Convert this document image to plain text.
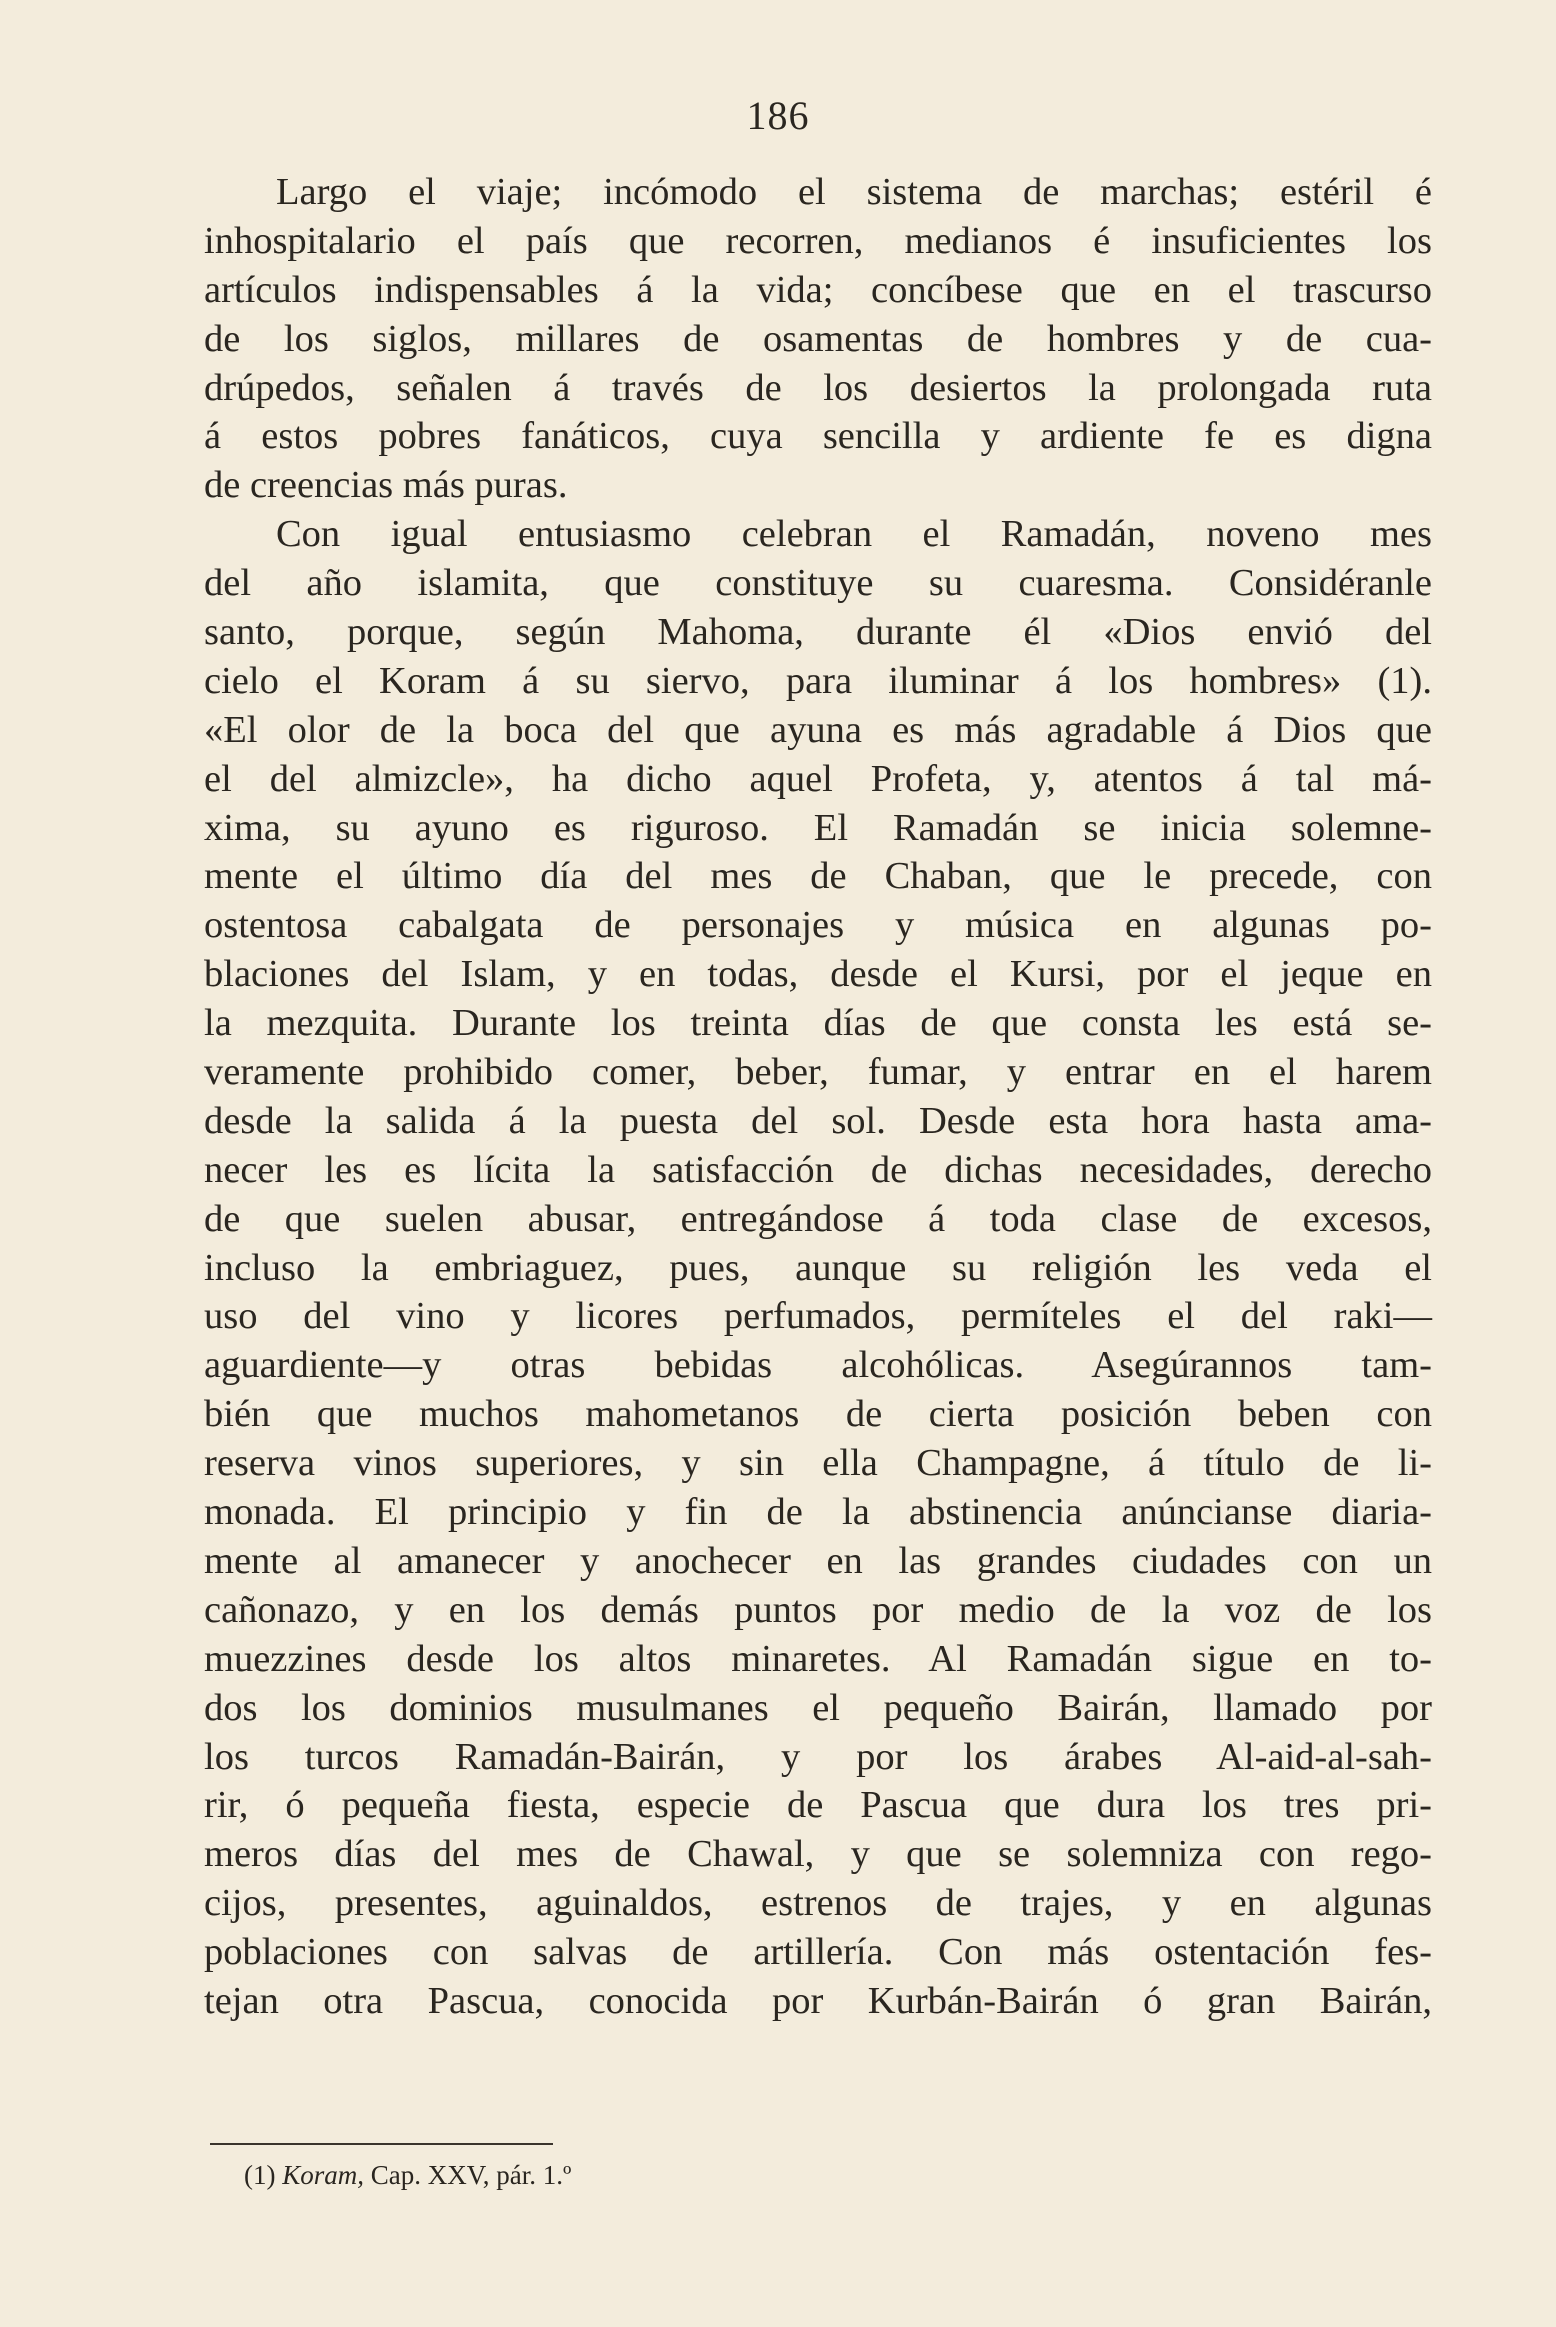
186
Largo el viaje; incómodo el sistema de marchas; estéril é
inhospitalario el país que recorren, medianos é insuficientes los
artículos indispensables á la vida; concíbese que en el trascurso
de los siglos, millares de osamentas de hombres y de cua-
drúpedos, señalen á través de los desiertos la prolongada ruta
á estos pobres fanáticos, cuya sencilla y ardiente fe es digna
de creencias más puras.
Con igual entusiasmo celebran el Ramadán, noveno mes
del año islamita, que constituye su cuaresma. Considéranle
santo, porque, según Mahoma, durante él «Dios envió del
cielo el Koram á su siervo, para iluminar á los hombres» (1).
«El olor de la boca del que ayuna es más agradable á Dios que
el del almizcle», ha dicho aquel Profeta, y, atentos á tal má-
xima, su ayuno es riguroso. El Ramadán se inicia solemne-
mente el último día del mes de Chaban, que le precede, con
ostentosa cabalgata de personajes y música en algunas po-
blaciones del Islam, y en todas, desde el Kursi, por el jeque en
la mezquita. Durante los treinta días de que consta les está se-
veramente prohibido comer, beber, fumar, y entrar en el harem
desde la salida á la puesta del sol. Desde esta hora hasta ama-
necer les es lícita la satisfacción de dichas necesidades, derecho
de que suelen abusar, entregándose á toda clase de excesos,
incluso la embriaguez, pues, aunque su religión les veda el
uso del vino y licores perfumados, permíteles el del raki—
aguardiente—y otras bebidas alcohólicas. Asegúrannos tam-
bién que muchos mahometanos de cierta posición beben con
reserva vinos superiores, y sin ella Champagne, á título de li-
monada. El principio y fin de la abstinencia anúncianse diaria-
mente al amanecer y anochecer en las grandes ciudades con un
cañonazo, y en los demás puntos por medio de la voz de los
muezzines desde los altos minaretes. Al Ramadán sigue en to-
dos los dominios musulmanes el pequeño Bairán, llamado por
los turcos Ramadán-Bairán, y por los árabes Al-aid-al-sah-
rir, ó pequeña fiesta, especie de Pascua que dura los tres pri-
meros días del mes de Chawal, y que se solemniza con rego-
cijos, presentes, aguinaldos, estrenos de trajes, y en algunas
poblaciones con salvas de artillería. Con más ostentación fes-
tejan otra Pascua, conocida por Kurbán-Bairán ó gran Bairán,
(1) Koram, Cap. XXV, pár. 1.º
